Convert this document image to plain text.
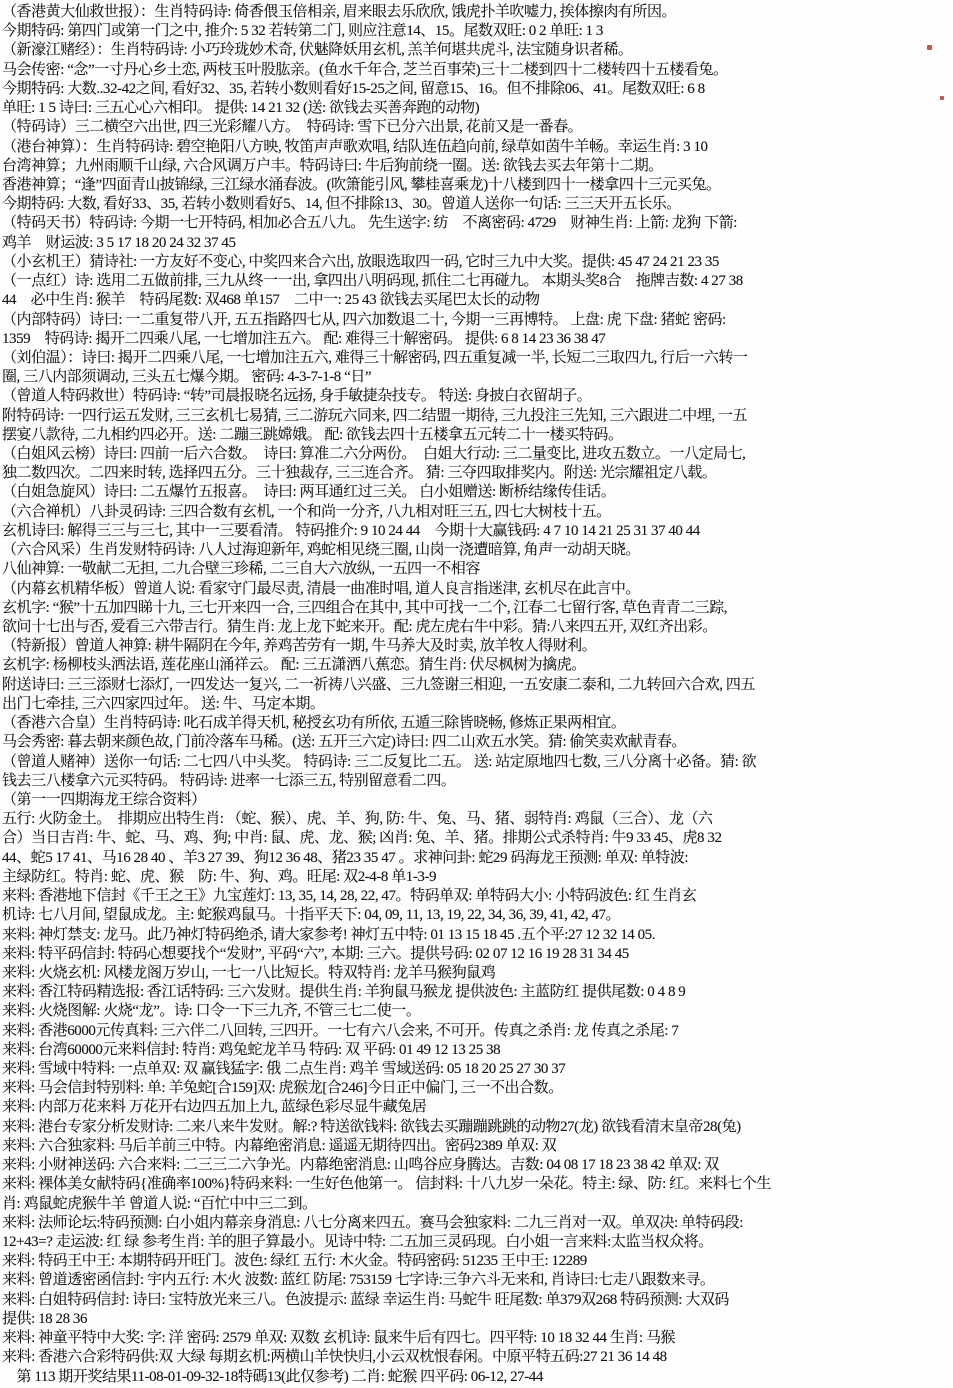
（香港黄大仙救世报）：生肖特码诗: 倚香偎玉倍相亲, 眉来眼去乐欣欣, 饿虎扑羊吹嘘力, 挨体擦肉有所因。
今期特码: 第四门或第一门之中, 推介: 5 32 若转第二门, 则应注意14、15。尾数双旺: 0 2 单旺: 1 3
（新濠江赌经）：生肖特码诗: 小巧玲珑妙术奇, 伏魅降妖用玄机, 羔羊何堪共虎斗, 法宝随身识者稀。
马会传密: “念”一寸丹心乡土恋, 两枝玉叶股肱亲。(鱼水千年合, 芝兰百事荣)三十二楼到四十二楼转四十五楼看兔。
今期特码: 大数..32-42之间, 看好32、35, 若转小数则看好15-25之间, 留意15、16。但不排除06、41。尾数双旺: 6 8
单旺: 1 5 诗曰: 三五心心六相印。 提供: 14 21 32 (送: 欲钱去买善奔跑的动物)
（特码诗）三二横空六出世, 四三光彩耀八方。　特码诗: 雪下已分六出景, 花前又是一番春。
（港台神算）：生肖特码诗: 碧空艳阳八方映, 牧笛声声歌欢唱, 结队连伍趋向前, 绿草如茵牛羊畅。幸运生肖: 3 10
台湾神算；九州雨顺千山绿, 六合风调万户丰。特码诗曰: 牛后狗前绕一圈。送: 欲钱去买去年第十二期。
香港神算；“逢”四面青山披锦绿, 三江绿水涌春波。(吹箫能引风, 攀桂喜乘龙)十八楼到四十一楼拿四十三元买兔。
今期特码: 大数, 看好33、35, 若转小数则看好5、14, 但不排除13、30。曾道人送你一句话: 三三天开五长乐。
（特码天书）特码诗: 今期一七开特码, 相加必合五八九。 先生送字: 纺　不离密码: 4729　财神生肖: 上箭: 龙狗 下箭:
鸡羊　财运波: 3 5 17 18 20 24 32 37 45
（小玄机王）猜诗社: 一方友好不变心, 中奖四来合六出, 放眼选取四一码, 它时三九中大奖。提供: 45 47 24 21 23 35
（一点红）诗: 选用二五做前排, 三九从终一一出, 拿四出八明码现, 抓住二七再碰九。 本期头奖8合　拖牌吉数: 4 27 38
44　必中生肖: 猴羊　特码尾数: 双468 单157　二中一: 25 43 欲钱去买尾巴太长的动物
（内部特码）诗曰: 一二重复带八开, 五五指路四七从, 四六加数退二十, 今期一三再博特。 上盘: 虎 下盘: 猪蛇 密码:
1359　特码诗: 揭开二四乘八尾, 一七增加注五六。 配: 难得三十解密码。 提供: 6 8 14 23 36 38 47
（刘伯温）：诗曰: 揭开二四乘八尾, 一七增加注五六, 难得三十解密码, 四五重复减一半, 长短二三取四九, 行后一六转一
圈, 三八内部须调动, 三头五七爆今期。 密码: 4-3-7-1-8 “日”
（曾道人特码救世）特码诗: “转”司晨报晓名远扬, 身手敏捷杂技专。 特送: 身披白衣留胡子。
附特码诗: 一四行运五发财, 三三玄机七易猜, 三二游玩六同来, 四二结盟一期待, 三九投注三先知, 三六跟进二中埋, 一五
摆宴八款待, 二九相约四必开。送: 二蹦三跳嫦娥。 配: 欲钱去四十五楼拿五元转二十一楼买特码。
（白姐风云榜）诗曰: 四前一后六合数。　诗曰: 算准二六分两份。　白姐大行动: 三二量变比, 进攻五数立。一八定局七,
独二数四次。二四来时转, 选择四五分。三十独裁存, 三三连合齐。 猜: 三夺四取排奖内。附送: 光宗耀祖定八载。
（白姐急旋风）诗曰: 二五爆竹五报喜。　诗曰: 两耳通红过三关。 白小姐赠送: 断桥结缘传佳话。
（六合禅机）八卦灵码诗: 三四合数有玄机, 一个和尚一分齐, 八九相对旺三五, 四七大树枝十五。
玄机诗曰: 解得三三与三七, 其中一三要看清。 特码推介: 9 10 24 44　今期十大赢钱码: 4 7 10 14 21 25 31 37 40 44
（六合风采）生肖发财特码诗: 八人过海迎新年, 鸡蛇相见绕三圈, 山岗一浇遭暗算, 角声一动胡天晓。
八仙神算: 一敬献二无担, 二九合壁三珍稀, 二三自大六放纵, 一五四一不相容
（内幕玄机精华板）曾道人说: 看家守门最尽责, 清晨一曲准时唱, 道人良言指迷津, 玄机尽在此言中。
玄机字: “猴”十五加四睇十九, 三七开来四一合, 三四组合在其中, 其中可找一二个, 江春二七留行客, 草色青青二三踪,
欲问十七出与否, 爱看三六带吉行。猜生肖: 龙上龙下蛇来开。配: 虎左虎右牛中彩。猜:八来四五开, 双红齐出彩。
（特新报）曾道人神算: 耕牛隔阴在今年, 养鸡苦劳有一期, 牛马养大及时卖, 放羊牧人得财利。
玄机字: 杨柳枝头洒法语, 莲花座山涌祥云。 配: 三五潇洒八蕉恋。猜生肖: 伏尽枫树为擒虎。
附送诗曰: 三三添财七添灯, 一四发达一复兴, 二一祈祷八兴盛、三九签谢三相迎, 一五安康二泰和, 二九转回六合欢, 四五
出门七牵挂, 三六四家四过年。 送: 牛、马定本期。
（香港六合皇）生肖特码诗: 叱石成羊得天机, 秘授玄功有所依, 五遁三除皆晓畅, 修炼正果两相宜。
马会秀密: 暮去朝来颜色故, 门前冷落车马稀。(送: 五开三六定)诗曰: 四二山欢五水笑。猜: 偷笑卖欢献青春。
（曾道人赌神）送你一句话: 二七四八中头奖。 特码诗: 三二反复比二五。 送: 站定原地四七数, 三八分离十必备。猜: 欲
钱去三八楼拿六元买特码。 特码诗: 进率一七添三五, 特别留意看二四。
（第一一四期海龙王综合资料）
五行: 火防金土。　排期应出特生肖: （蛇、猴）、虎、羊、狗, 防: 牛、兔、马、猪、弱特肖: 鸡鼠（三合）、龙（六
合）当日吉肖: 牛、蛇、马、鸡、狗; 中肖: 鼠、虎、龙、猴; 凶肖: 兔、羊、猪。排期公式杀特肖: 牛9 33 45、虎8 32
44、蛇5 17 41、马16 28 40 、羊3 27 39、狗12 36 48、猪23 35 47 。求神问卦: 蛇29 码海龙王预测: 单双: 单特波:
主绿防红。特肖: 蛇、虎、猴　防: 牛、狗、鸡。旺尾: 双2-4-8 单1-3-9
来料: 香港地下信封《千王之王》九宝莲灯: 13, 35, 14, 28, 22, 47。特码单双: 单特码大小: 小特码波色: 红 生肖玄
机诗: 七八月间, 望鼠成龙。主: 蛇猴鸡鼠马。十指平天下: 04, 09, 11, 13, 19, 22, 34, 36, 39, 41, 42, 47。
来料: 神灯禁支: 龙马。此乃神灯特码绝杀, 请大家参考! 神灯五中特: 01 13 15 18 45 .五个平:27 12 32 14 05.
来料: 特平码信封: 特码心想要找个“发财”, 平码“六”, 本期: 三六。提供号码: 02 07 12 16 19 28 31 34 45
来料: 火烧玄机: 风楼龙阁万岁山, 一七一八比短长。特双特肖: 龙羊马猴狗鼠鸡
来料: 香江特码精选报: 香江话特码: 三六发财。提供生肖: 羊狗鼠马猴龙 提供波色: 主蓝防红 提供尾数: 0 4 8 9
来料: 火烧图解: 火烧“龙”。诗: 口令一下三九齐, 不管三七二使一。
来料: 香港6000元传真料: 三六伴二八回转, 三四开。一七有六八会来, 不可开。传真之杀肖: 龙 传真之杀尾: 7
来料: 台湾60000元来料信封: 特肖: 鸡兔蛇龙羊马 特码: 双 平码: 01 49 12 13 25 38
来料: 雪域中特料: 一点单双: 双 赢钱猛字: 俄 二点生肖: 鸡羊 雪域送码: 05 18 20 25 27 30 37
来料: 马会信封特别料: 单: 羊兔蛇[合159]双: 虎猴龙[合246]今日正中偏门, 三一不出合数。
来料: 内部万花来料 万花开右边四五加上九, 蓝绿色彩尽显牛藏兔居
来料: 港台专家分析发财诗: 二来八来牛发财。解:? 特送欲钱料: 欲钱去买蹦蹦跳跳的动物27(龙) 欲钱看清末皇帝28(兔)
来料: 六合独家料: 马后羊前三中特。内幕绝密消息: 遥遥无期待四出。密码2389 单双: 双
来料: 小财神送码: 六合来料: 二三三二六争光。内幕绝密消息: 山鸣谷应身腾达。吉数: 04 08 17 18 23 38 42 单双: 双
来料: 裸体美女献特码{准确率100%}特码来料: 一生好色他第一。 信封料: 十八九岁一朵花。特主: 绿、防: 红。来料七个生
肖: 鸡鼠蛇虎猴牛羊 曾道人说: “百忙中中三二到。
来料: 法师论坛:特码预测: 白小姐内幕亲身消息: 八七分离来四五。赛马会独家料: 二九三肖对一双。单双决: 单特码段:
12+43=? 走运波: 红 绿 参考生肖: 羊的胆子算最小。见诗中特: 二五加三灵码现。白小姐一言来料:太监当权众将。
来料: 特码王中王: 本期特码开旺门。波色: 绿红 五行: 木火金。特码密码: 51235 王中王: 12289
来料: 曾道透密函信封: 宇内五行: 木火 波数: 蓝红 防尾: 753159 七字诗:三争六斗无来和, 肖诗曰:七走八跟数来寻。
来料: 白姐特码信封: 诗曰: 宝特放光来三八。色波提示: 蓝绿 幸运生肖: 马蛇牛 旺尾数: 单379双268 特码预测: 大双码
提供: 18 28 36
来料: 神童平特中大奖: 字: 洋 密码: 2579 单双: 双数 玄机诗: 鼠来牛后有四七。四平特: 10 18 32 44 生肖: 马猴
来料: 香港六合彩特码供:双 大绿 每期玄机:两横山羊快快归,小云双枕恨春闲。中原平特五码:27 21 36 14 48
　第 113 期开奖结果11-08-01-09-32-18特碼13(此仅参考) 二肖: 蛇猴 四平码: 06-12, 27-44
